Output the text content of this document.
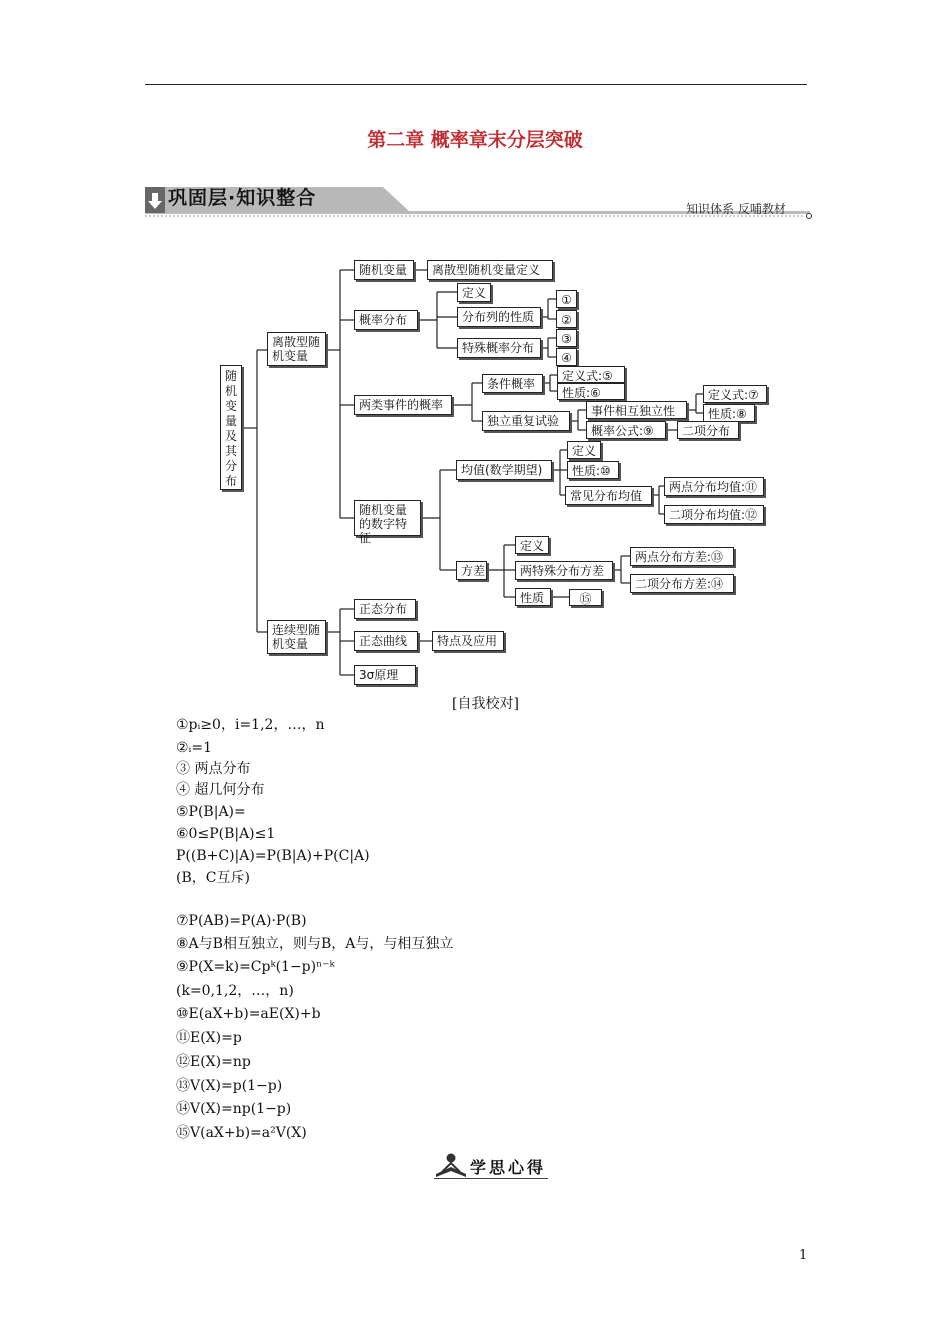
第二章 概率章末分层突破
巩固层·知识整合	知识体系 反哺教材
随机变量及其分布
离散型随机变量
连续型随机变量
随机变量	离散型随机变量定义
概率分布
定义
分布列的性质
特殊概率分布
①
②
③
④
两类事件的概率
条件概率
定义式:⑤
性质:⑥
独立重复试验
事件相互独立性
定义式:⑦
性质:⑧
概率公式:⑨	二项分布
随机变量的数字特征
均值(数学期望)
定义
性质:⑩
常见分布均值
两点分布均值:⑪
二项分布均值:⑫
方差
定义
两特殊分布方差
两点分布方差:⑬
二项分布方差:⑭
性质	⑮
正态分布
正态曲线	特点及应用
3σ原理
[自我校对]
①pᵢ≥0，i=1,2，…，n
②ᵢ=1
③ 两点分布
④ 超几何分布
⑤P(B|A)=
⑥0≤P(B|A)≤1
P((B+C)|A)=P(B|A)+P(C|A)
(B，C互斥)
⑦P(AB)=P(A)·P(B)
⑧A与B相互独立，则与B，A与，与相互独立
⑨P(X=k)=Cpᵏ(1−p)ⁿ⁻ᵏ
(k=0,1,2，…，n)
⑩E(aX+b)=aE(X)+b
⑪E(X)=p
⑫E(X)=np
⑬V(X)=p(1−p)
⑭V(X)=np(1−p)
⑮V(aX+b)=a²V(X)
学思心得
1
